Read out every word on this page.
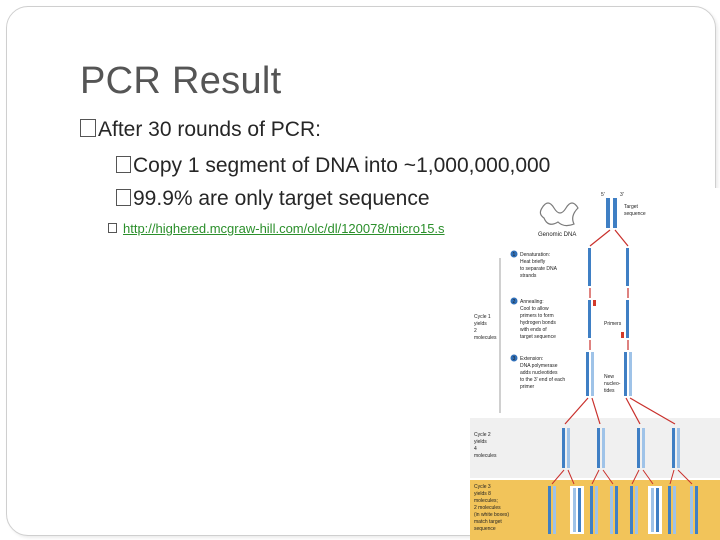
PCR Result
After 30 rounds of PCR:
Copy 1 segment of DNA into ~1,000,000,000
99.9% are only target sequence
http://highered.mcgraw-hill.com/olc/dl/120078/micro15.s	Genomic DNA
5'	3'
Target
sequence
1 Denaturation:
Heat briefly
to separate DNA
strands
2 Annealing:
Cool to allow
primers to form
hydrogen bonds
with ends of
target sequence
Primers
Cycle 1
yields
2
molecules
3 Extension:
DNA polymerase
adds nucleotides
to the 3' end of each
primer
New
nucleo-
tides
Cycle 2
yields
4
molecules
Cycle 3
yields 8
molecules;
2 molecules
(in white boxes)
match target
sequence
